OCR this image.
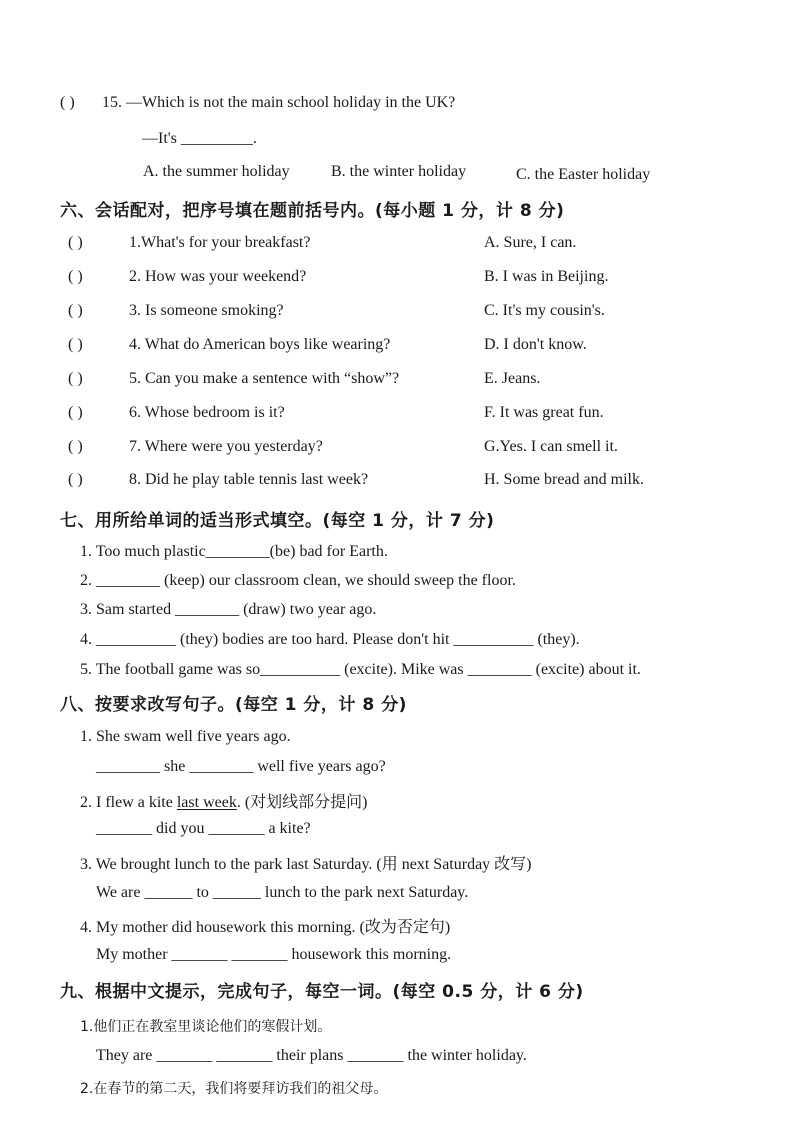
( ) 15. —Which is not the main school holiday in the UK?
—It's _________.
A. the summer holiday	B. the winter holiday	C. the Easter holiday
六、会话配对，把序号填在题前括号内。(每小题 1 分，计 8 分)
( )	1.What's for your breakfast?	A. Sure, I can.
( )	2. How was your weekend?	B. I was in Beijing.
( )	3. Is someone smoking?	C. It's my cousin's.
( )	4. What do American boys like wearing?	D. I don't know.
( )	5. Can you make a sentence with “show”?	E. Jeans.
( )	6. Whose bedroom is it?	F. It was great fun.
( )	7. Where were you yesterday?	G.Yes. I can smell it.
( )	8. Did he play table tennis last week?	H. Some bread and milk.
七、用所给单词的适当形式填空。(每空 1 分，计 7 分)
1. Too much plastic________(be) bad for Earth.
2. ________ (keep) our classroom clean, we should sweep the floor.
3. Sam started ________ (draw) two year ago.
4. __________ (they) bodies are too hard. Please don't hit __________ (they).
5. The football game was so__________ (excite). Mike was ________ (excite) about it.
八、按要求改写句子。(每空 1 分，计 8 分)
1. She swam well five years ago.
________ she ________ well five years ago?
2. I flew a kite last week. (对划线部分提问)
_______ did you _______ a kite?
3. We brought lunch to the park last Saturday. (用 next Saturday 改写)
We are ______ to ______ lunch to the park next Saturday.
4. My mother did housework this morning. (改为否定句)
My mother _______ _______ housework this morning.
九、根据中文提示，完成句子，每空一词。(每空 0.5 分，计 6 分)
1.他们正在教室里谈论他们的寒假计划。
They are _______ _______ their plans _______ the winter holiday.
2.在春节的第二天，我们将要拜访我们的祖父母。
